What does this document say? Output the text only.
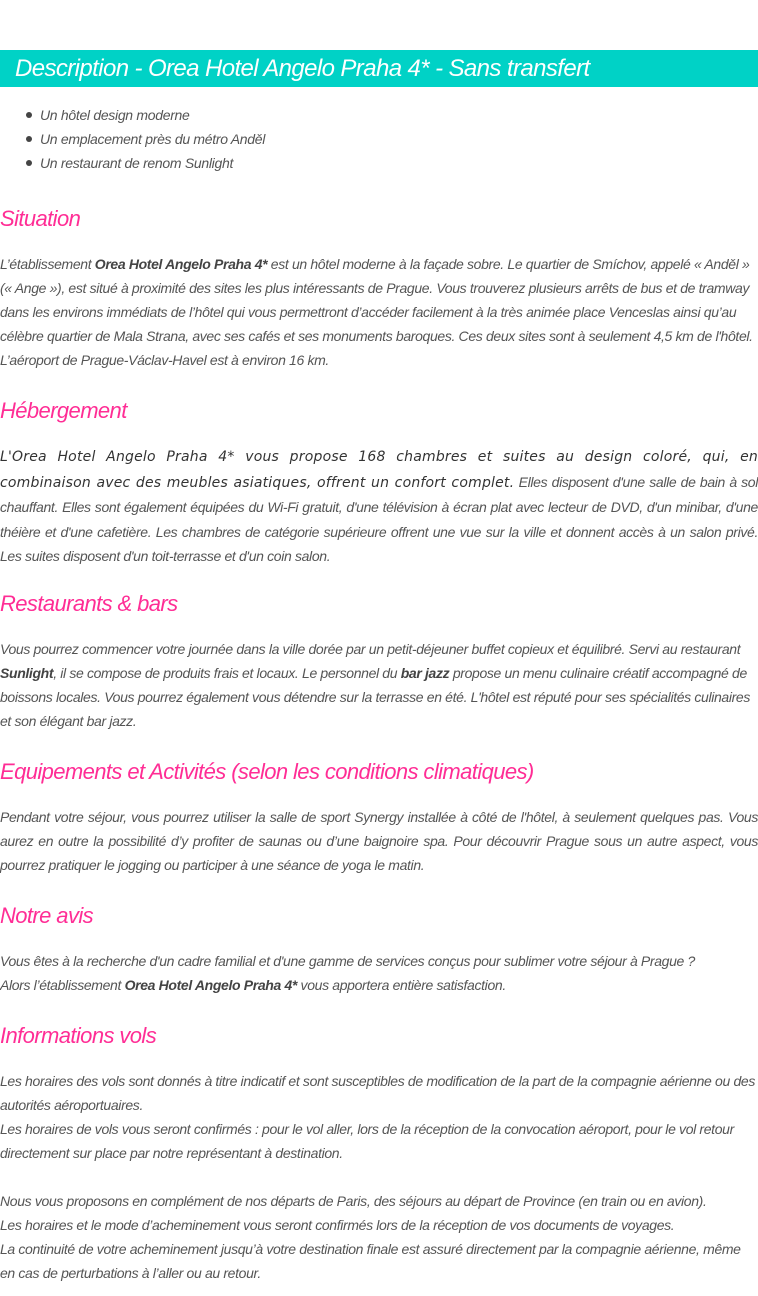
Description - Orea Hotel Angelo Praha 4* - Sans transfert
Un hôtel design moderne
Un emplacement près du métro Anděl
Un restaurant de renom Sunlight
Situation

L’établissement Orea Hotel Angelo Praha 4* est un hôtel moderne à la façade sobre. Le quartier de Smíchov, appelé « Anděl » (« Ange »), est situé à proximité des sites les plus intéressants de Prague. Vous trouverez plusieurs arrêts de bus et de tramway dans les environs immédiats de l’hôtel qui vous permettront d’accéder facilement à la très animée place Venceslas ainsi qu’au célèbre quartier de Mala Strana, avec ses cafés et ses monuments baroques. Ces deux sites sont à seulement 4,5 km de l'hôtel. L’aéroport de Prague-Václav-Havel est à environ 16 km.

Hébergement

L'Orea Hotel Angelo Praha 4* vous propose 168 chambres et suites au design coloré, qui, en combinaison avec des meubles asiatiques, offrent un confort complet. Elles disposent d'une salle de bain à sol chauffant. Elles sont également équipées du Wi-Fi gratuit, d'une télévision à écran plat avec lecteur de DVD, d'un minibar, d'une théière et d'une cafetière. Les chambres de catégorie supérieure offrent une vue sur la ville et donnent accès à un salon privé. Les suites disposent d'un toit-terrasse et d'un coin salon.

Restaurants & bars

Vous pourrez commencer votre journée dans la ville dorée par un petit-déjeuner buffet copieux et équilibré. Servi au restaurant Sunlight, il se compose de produits frais et locaux. Le personnel du bar jazz propose un menu culinaire créatif accompagné de boissons locales. Vous pourrez également vous détendre sur la terrasse en été. L'hôtel est réputé pour ses spécialités culinaires et son élégant bar jazz.

Equipements et Activités (selon les conditions climatiques)

Pendant votre séjour, vous pourrez utiliser la salle de sport Synergy installée à côté de l'hôtel, à seulement quelques pas. Vous aurez en outre la possibilité d’y profiter de saunas ou d’une baignoire spa. Pour découvrir Prague sous un autre aspect, vous pourrez pratiquer le jogging ou participer à une séance de yoga le matin.

Notre avis

Vous êtes à la recherche d'un cadre familial et d'une gamme de services conçus pour sublimer votre séjour à Prague ?

Alors l’établissement Orea Hotel Angelo Praha 4* vous apportera entière satisfaction.

Informations vols

Les horaires des vols sont donnés à titre indicatif et sont susceptibles de modification de la part de la compagnie aérienne ou des autorités aéroportuaires.

Les horaires de vols vous seront confirmés : pour le vol aller, lors de la réception de la convocation aéroport, pour le vol retour directement sur place par notre représentant à destination.

Nous vous proposons en complément de nos départs de Paris, des séjours au départ de Province (en train ou en avion).

Les horaires et le mode d’acheminement vous seront confirmés lors de la réception de vos documents de voyages.

La continuité de votre acheminement jusqu’à votre destination finale est assuré directement par la compagnie aérienne, même en cas de perturbations à l’aller ou au retour.
